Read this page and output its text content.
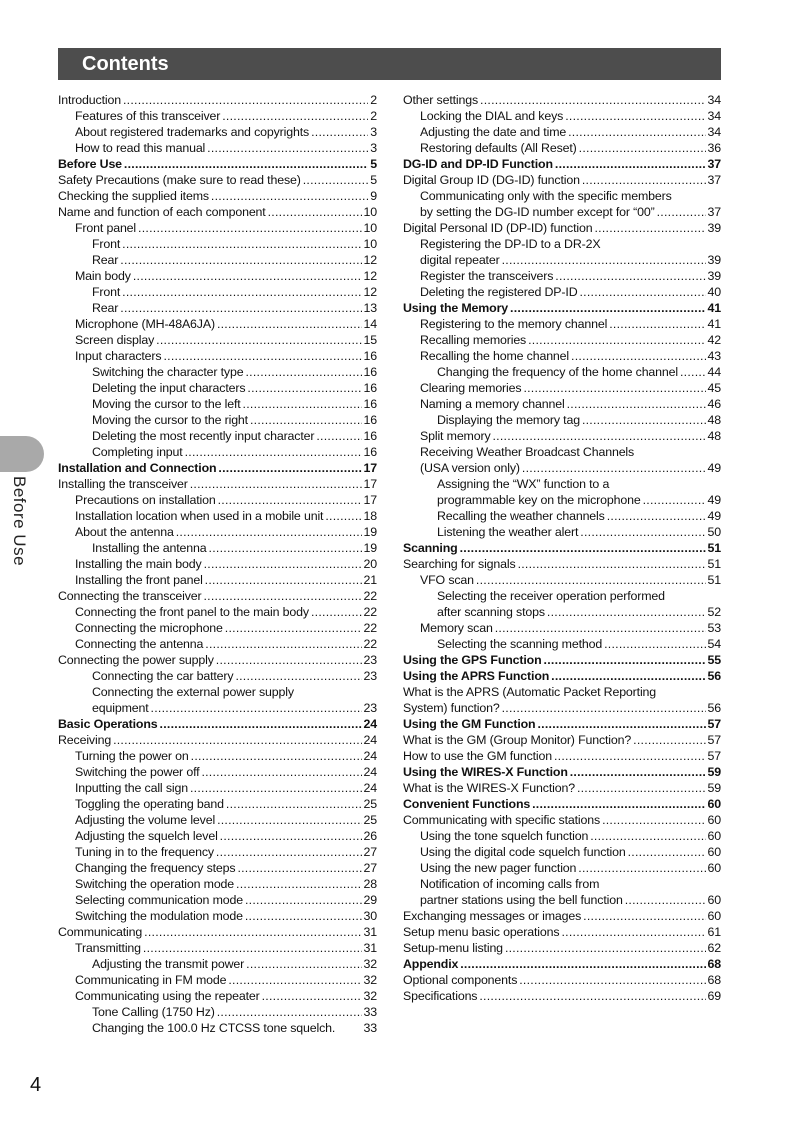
Contents
Introduction . . .	2
Features of this transceiver . . .	2
About registered trademarks and copyrights . . .	3
How to read this manual . . .	3
Before Use . . .	5
Safety Precautions (make sure to read these) . . .	5
Checking the supplied items . . .	9
Name and function of each component . . .	10
Front panel . . .	10
Front . . .	10
Rear . . .	12
Main body . . .	12
Front . . .	12
Rear . . .	13
Microphone (MH-48A6JA) . . .	14
Screen display . . .	15
Input characters . . .	16
Switching the character type . . .	16
Deleting the input characters . . .	16
Moving the cursor to the left . . .	16
Moving the cursor to the right . . .	16
Deleting the most recently input character . . .	16
Completing input . . .	16
Installation and Connection . . .	17
Installing the transceiver . . .	17
Precautions on installation . . .	17
Installation location when used in a mobile unit . . .	18
About the antenna . . .	19
Installing the antenna . . .	19
Installing the main body . . .	20
Installing the front panel . . .	21
Connecting the transceiver . . .	22
Connecting the front panel to the main body . . .	22
Connecting the microphone . . .	22
Connecting the antenna . . .	22
Connecting the power supply . . .	23
Connecting the car battery . . .	23
Connecting the external power supply
equipment . . .	23
Basic Operations . . .	24
Receiving . . .	24
Turning the power on . . .	24
Switching the power off . . .	24
Inputting the call sign . . .	24
Toggling the operating band . . .	25
Adjusting the volume level . . .	25
Adjusting the squelch level . . .	26
Tuning in to the frequency . . .	27
Changing the frequency steps . . .	27
Switching the operation mode . . .	28
Selecting communication mode . . .	29
Switching the modulation mode . . .	30
Communicating . . .	31
Transmitting . . .	31
Adjusting the transmit power . . .	32
Communicating in FM mode . . .	32
Communicating using the repeater . . .	32
Tone Calling (1750 Hz) . . .	33
Changing the 100.0 Hz CTCSS tone squelch. 33
Other settings . . .	34
Locking the DIAL and keys . . .	34
Adjusting the date and time . . .	34
Restoring defaults (All Reset) . . .	36
DG-ID and DP-ID Function . . .	37
Digital Group ID (DG-ID) function . . .	37
Communicating only with the specific members
by setting the DG-ID number except for “00” . . .	37
Digital Personal ID (DP-ID) function . . .	39
Registering the DP-ID to a DR-2X
digital repeater . . .	39
Register the transceivers . . .	39
Deleting the registered DP-ID . . .	40
Using the Memory . . .	41
Registering to the memory channel . . .	41
Recalling memories . . .	42
Recalling the home channel . . .	43
Changing the frequency of the home channel . . . 44
Clearing memories . . .	45
Naming a memory channel . . .	46
Displaying the memory tag . . .	48
Split memory . . .	48
Receiving Weather Broadcast Channels
(USA version only) . . .	49
Assigning the “WX” function to a
programmable key on the microphone . . .	49
Recalling the weather channels . . .	49
Listening the weather alert . . .	50
Scanning . . .	51
Searching for signals . . .	51
VFO scan . . .	51
Selecting the receiver operation performed
after scanning stops . . .	52
Memory scan . . .	53
Selecting the scanning method . . .	54
Using the GPS Function . . .	55
Using the APRS Function . . .	56
What is the APRS (Automatic Packet Reporting
System) function? . . .	56
Using the GM Function . . .	57
What is the GM (Group Monitor) Function? . . .	57
How to use the GM function . . .	57
Using the WIRES-X Function . . .	59
What is the WIRES-X Function? . . .	59
Convenient Functions . . .	60
Communicating with specific stations . . .	60
Using the tone squelch function . . .	60
Using the digital code squelch function . . .	60
Using the new pager function . . .	60
Notification of incoming calls from
partner stations using the bell function . . .	60
Exchanging messages or images . . .	60
Setup menu basic operations . . .	61
Setup-menu listing . . .	62
Appendix . . .	68
Optional components . . .	68
Specifications . . .	69
Before Use
4
